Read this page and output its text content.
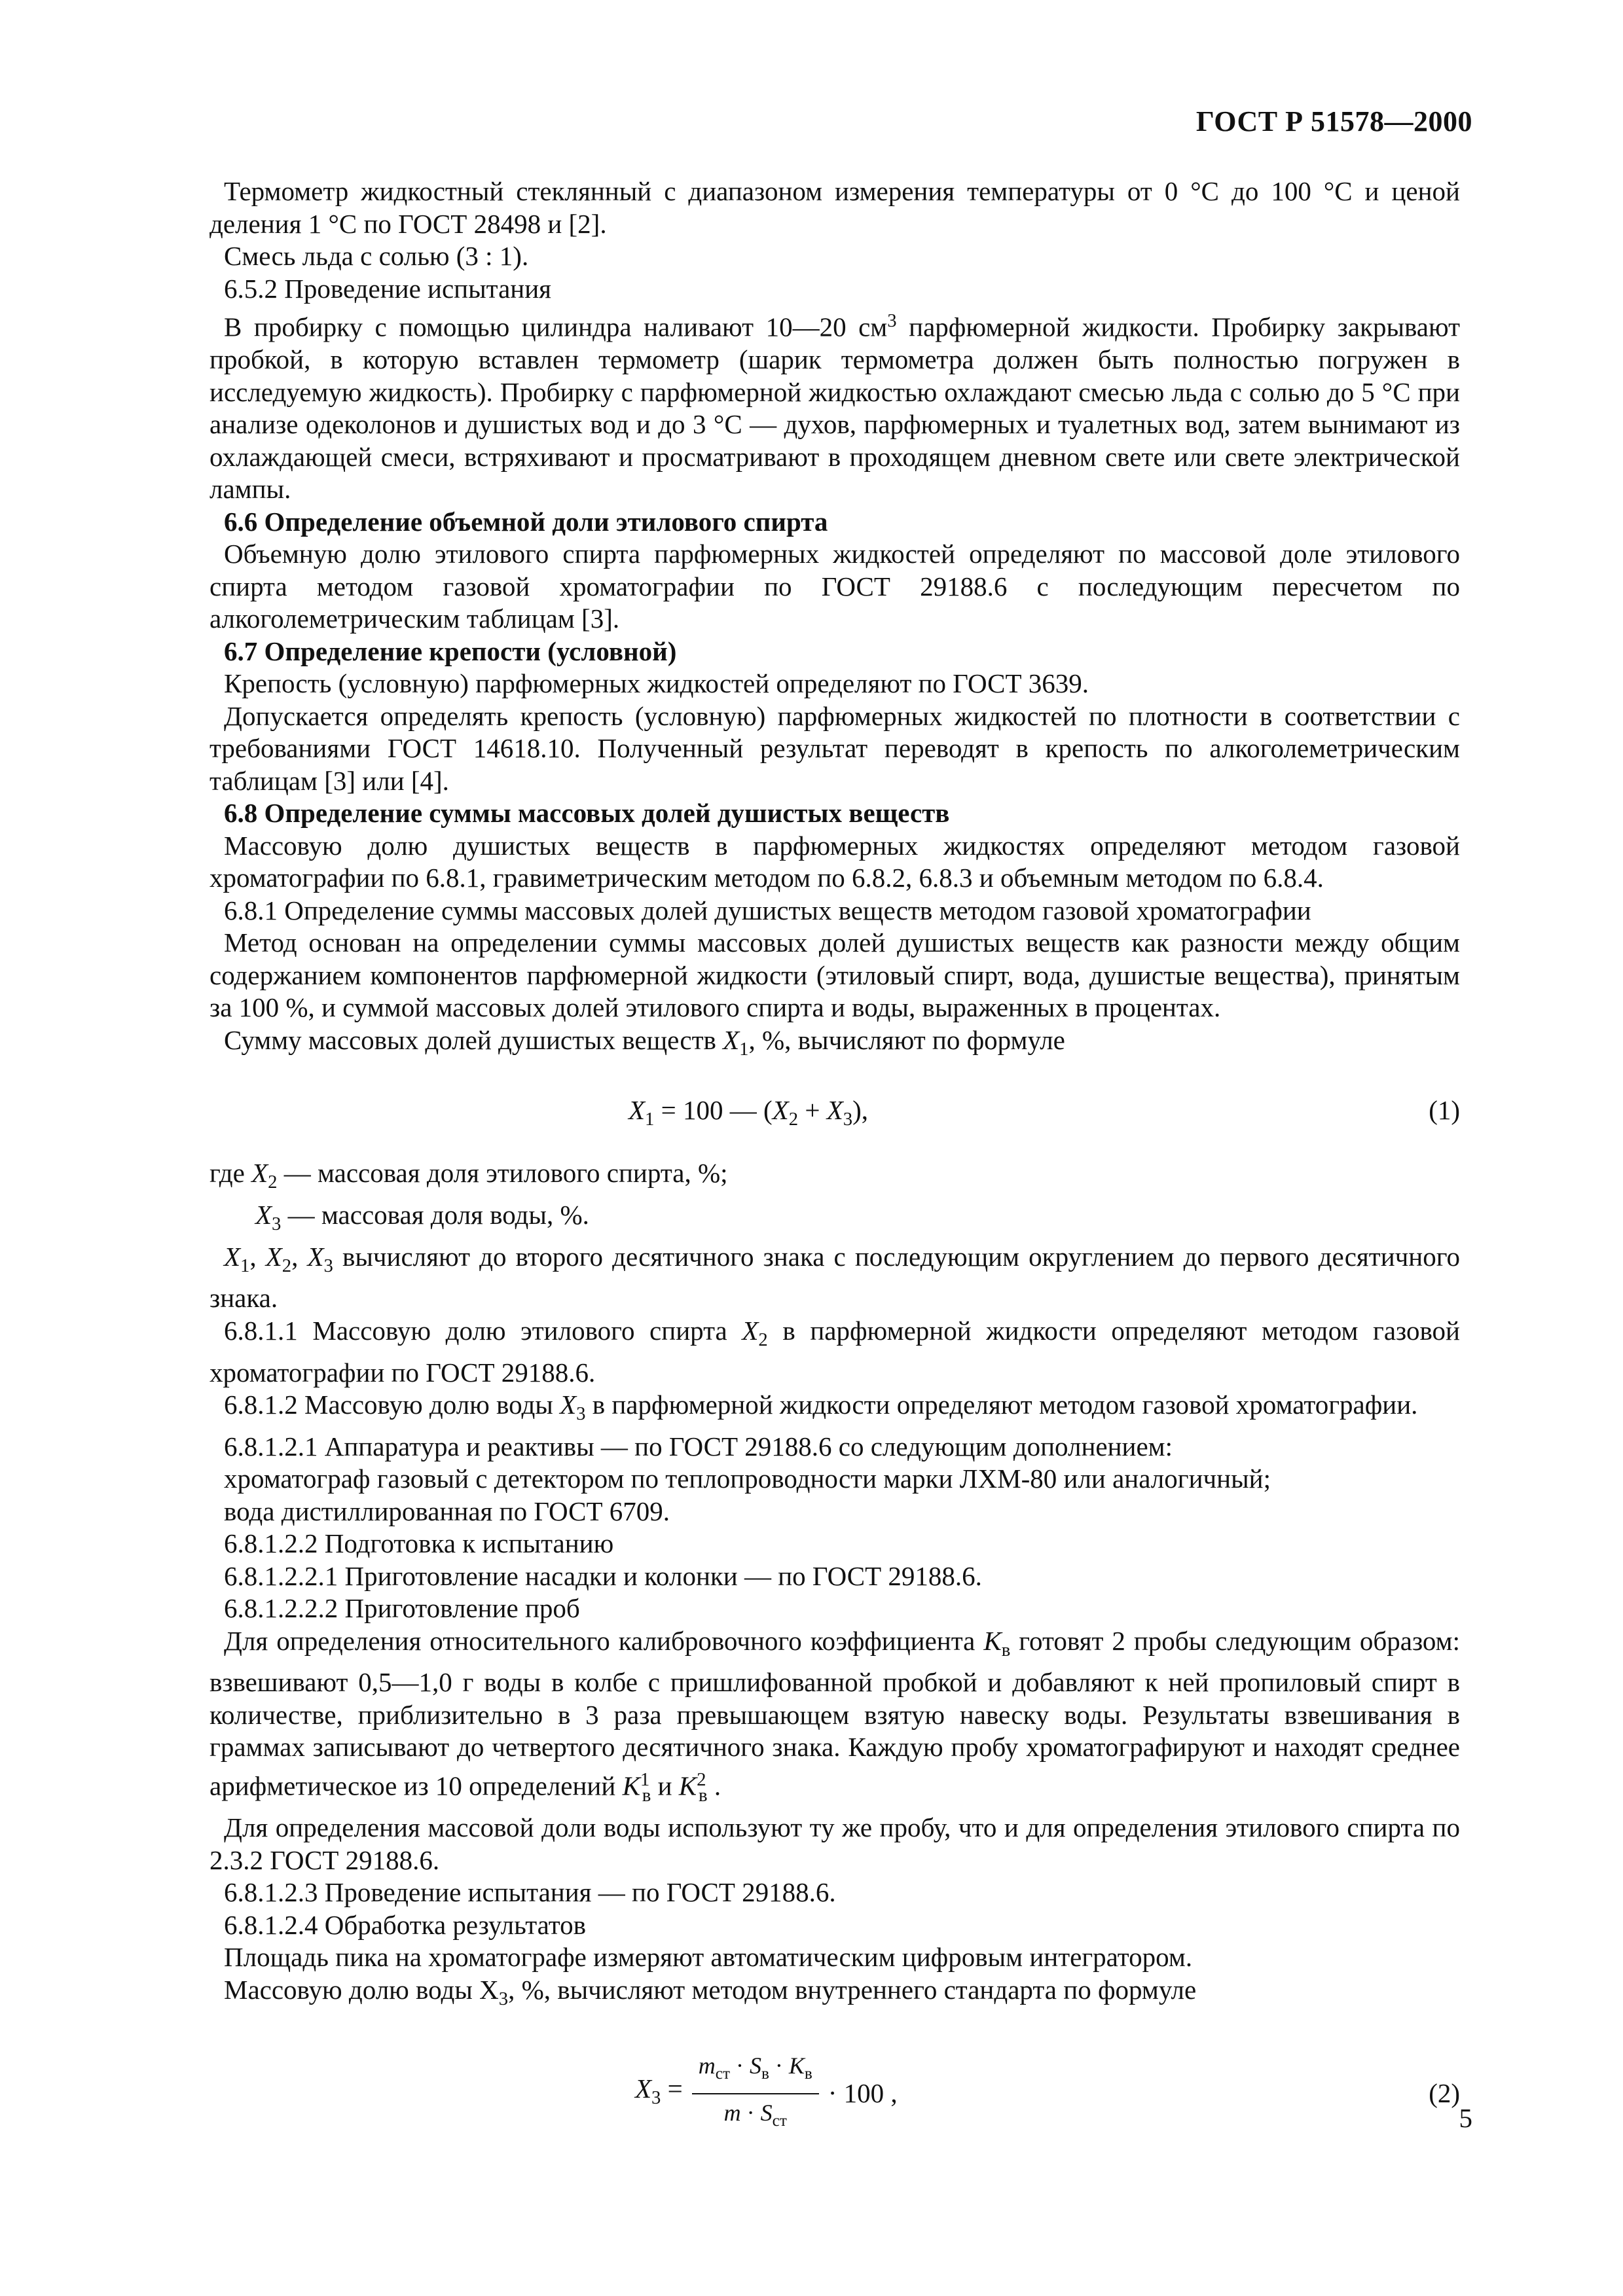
ГОСТ Р 51578—2000

Термометр жидкостный стеклянный с диапазоном измерения температуры от 0 °С до 100 °С и ценой деления 1 °С по ГОСТ 28498 и [2].

Смесь льда с солью (3 : 1).

6.5.2 Проведение испытания

В пробирку с помощью цилиндра наливают 10—20 $см^3$ парфюмерной жидкости. Пробирку закрывают пробкой, в которую вставлен термометр (шарик термометра должен быть полностью погружен в исследуемую жидкость). Пробирку с парфюмерной жидкостью охлаждают смесью льда с солью до 5 °С при анализе одеколонов и душистых вод и до 3 °С — духов, парфюмерных и туалетных вод, затем вынимают из охлаждающей смеси, встряхивают и просматривают в проходящем дневном свете или свете электрической лампы.

6.6 Определение объемной доли этилового спирта

Объемную долю этилового спирта парфюмерных жидкостей определяют по массовой доле этилового спирта методом газовой хроматографии по ГОСТ 29188.6 с последующим пересчетом по алкоголеметрическим таблицам [3].

6.7 Определение крепости (условной)

Крепость (условную) парфюмерных жидкостей определяют по ГОСТ 3639.

Допускается определять крепость (условную) парфюмерных жидкостей по плотности в соответствии с требованиями ГОСТ 14618.10. Полученный результат переводят в крепость по алкоголеметрическим таблицам [3] или [4].

6.8 Определение суммы массовых долей душистых веществ

Массовую долю душистых веществ в парфюмерных жидкостях определяют методом газовой хроматографии по 6.8.1, гравиметрическим методом по 6.8.2, 6.8.3 и объемным методом по 6.8.4.

6.8.1 Определение суммы массовых долей душистых веществ методом газовой хроматографии

Метод основан на определении суммы массовых долей душистых веществ как разности между общим содержанием компонентов парфюмерной жидкости (этиловый спирт, вода, душистые вещества), принятым за 100 %, и суммой массовых долей этилового спирта и воды, выраженных в процентах.

Сумму массовых долей душистых веществ $X_1$, %, вычисляют по формуле

$X_1 = 100$ — $(X_2 + X_3)$,	(1)

где $X_2$ — массовая доля этилового спирта, %;

$X_3$ — массовая доля воды, %.

$X_1$, $X_2$, $X_3$ вычисляют до второго десятичного знака с последующим округлением до первого десятичного знака.

6.8.1.1 Массовую долю этилового спирта $X_2$ в парфюмерной жидкости определяют методом газовой хроматографии по ГОСТ 29188.6.

6.8.1.2 Массовую долю воды $X_3$ в парфюмерной жидкости определяют методом газовой хроматографии.

6.8.1.2.1 Аппаратура и реактивы — по ГОСТ 29188.6 со следующим дополнением:

хроматограф газовый с детектором по теплопроводности марки ЛХМ-80 или аналогичный;

вода дистиллированная по ГОСТ 6709.

6.8.1.2.2 Подготовка к испытанию

6.8.1.2.2.1 Приготовление насадки и колонки — по ГОСТ 29188.6.

6.8.1.2.2.2 Приготовление проб

Для определения относительного калибровочного коэффициента $K_в$ готовят 2 пробы следующим образом: взвешивают 0,5—1,0 г воды в колбе с пришлифованной пробкой и добавляют к ней пропиловый спирт в количестве, приблизительно в 3 раза превышающем взятую навеску воды. Результаты взвешивания в граммах записывают до четвертого десятичного знака. Каждую пробу хроматографируют и находят среднее арифметическое из 10 определений $K^1_в$ и $K^2_в$ .

Для определения массовой доли воды используют ту же пробу, что и для определения этилового спирта по 2.3.2 ГОСТ 29188.6.

6.8.1.2.3 Проведение испытания — по ГОСТ 29188.6.

6.8.1.2.4 Обработка результатов

Площадь пика на хроматографе измеряют автоматическим цифровым интегратором.

Массовую долю воды $X_3$, %, вычисляют методом внутреннего стандарта по формуле

$X_3 = \frac{m_{ст} \cdot S_в \cdot K_в}{m \cdot S_{ст}} \cdot 100$ ,	(2)
5
